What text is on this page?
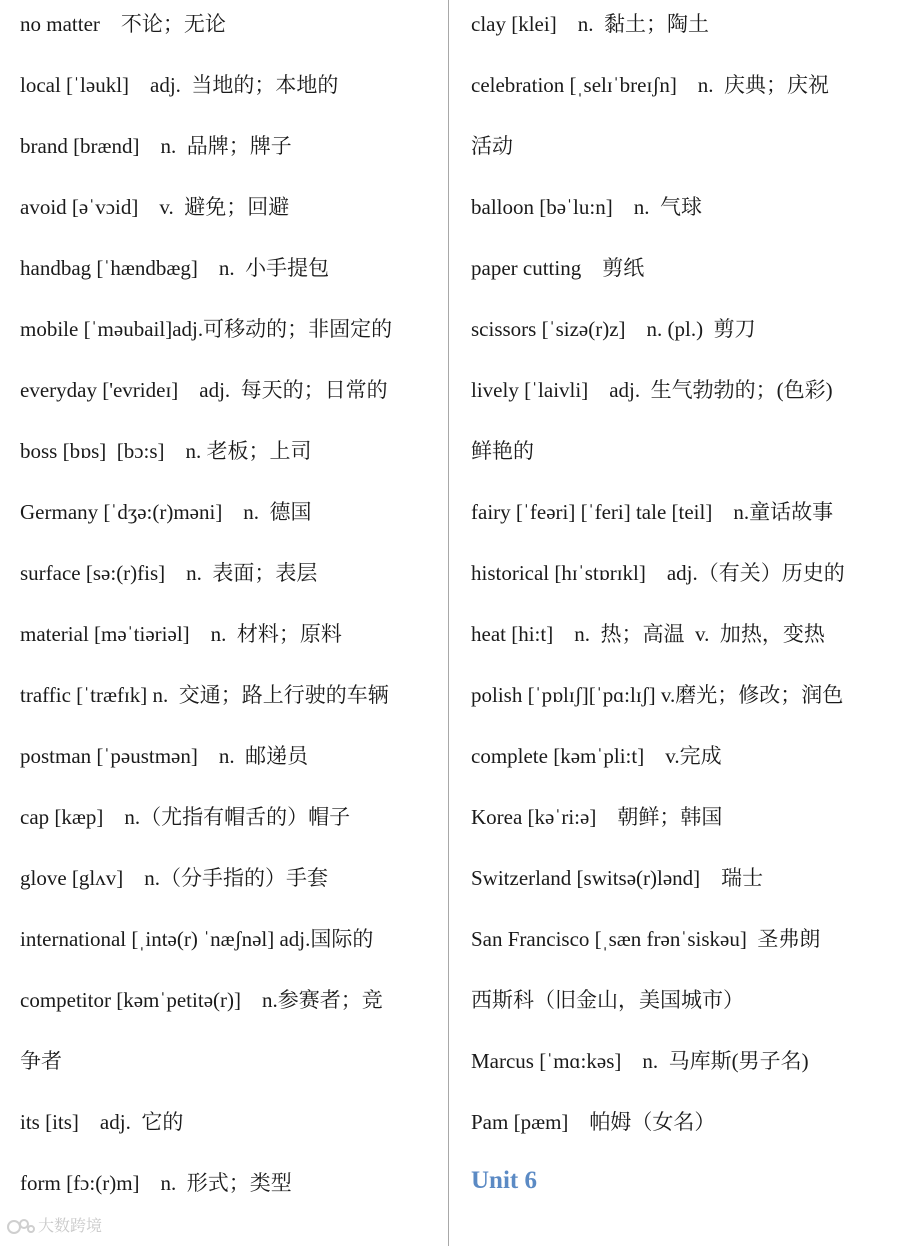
no matter    不论；无论
local [ˈləukl]    adj.  当地的；本地的
brand [brænd]    n.  品牌；牌子
avoid [əˈvɔid]    v.  避免；回避
handbag [ˈhændbæg]    n.  小手提包
mobile [ˈməubail]adj.可移动的；非固定的
everyday ['evrideɪ]    adj.  每天的；日常的
boss [bɒs]  [bɔ:s]    n. 老板；上司
Germany [ˈdʒə:(r)məni]    n.  德国
surface [sə:(r)fis]    n.  表面；表层
material [məˈtiəriəl]    n.  材料；原料
traffic [ˈtræfɪk] n.  交通；路上行驶的车辆
postman [ˈpəustmən]    n.  邮递员
cap [kæp]    n.（尤指有帽舌的）帽子
glove [glʌv]    n.（分手指的）手套
international [ˌintə(r) ˈnæʃnəl] adj.国际的
competitor [kəmˈpetitə(r)]    n.参赛者；竞
争者
its [its]    adj.  它的
form [fɔ:(r)m]    n.  形式；类型
clay [klei]    n.  黏土；陶土
celebration [ˌselɪˈbreɪʃn]    n.  庆典；庆祝
活动
balloon [bəˈlu:n]    n.  气球
paper cutting    剪纸
scissors [ˈsizə(r)z]    n. (pl.)  剪刀
lively [ˈlaivli]    adj.  生气勃勃的；(色彩)
鲜艳的
fairy [ˈfeəri] [ˈferi] tale [teil]    n.童话故事
historical [hɪˈstɒrɪkl]    adj.（有关）历史的
heat [hi:t]    n.  热；高温  v.  加热，变热
polish [ˈpɒlɪʃ][ˈpɑ:lɪʃ] v.磨光；修改；润色
complete [kəmˈpli:t]    v.完成
Korea [kəˈri:ə]    朝鲜；韩国
Switzerland [switsə(r)lənd]    瑞士
San Francisco [ˌsæn frənˈsiskəu]  圣弗朗
西斯科（旧金山，美国城市）
Marcus [ˈmɑ:kəs]    n.  马库斯(男子名)
Pam [pæm]    帕姆（女名）
Unit 6
大数跨境
